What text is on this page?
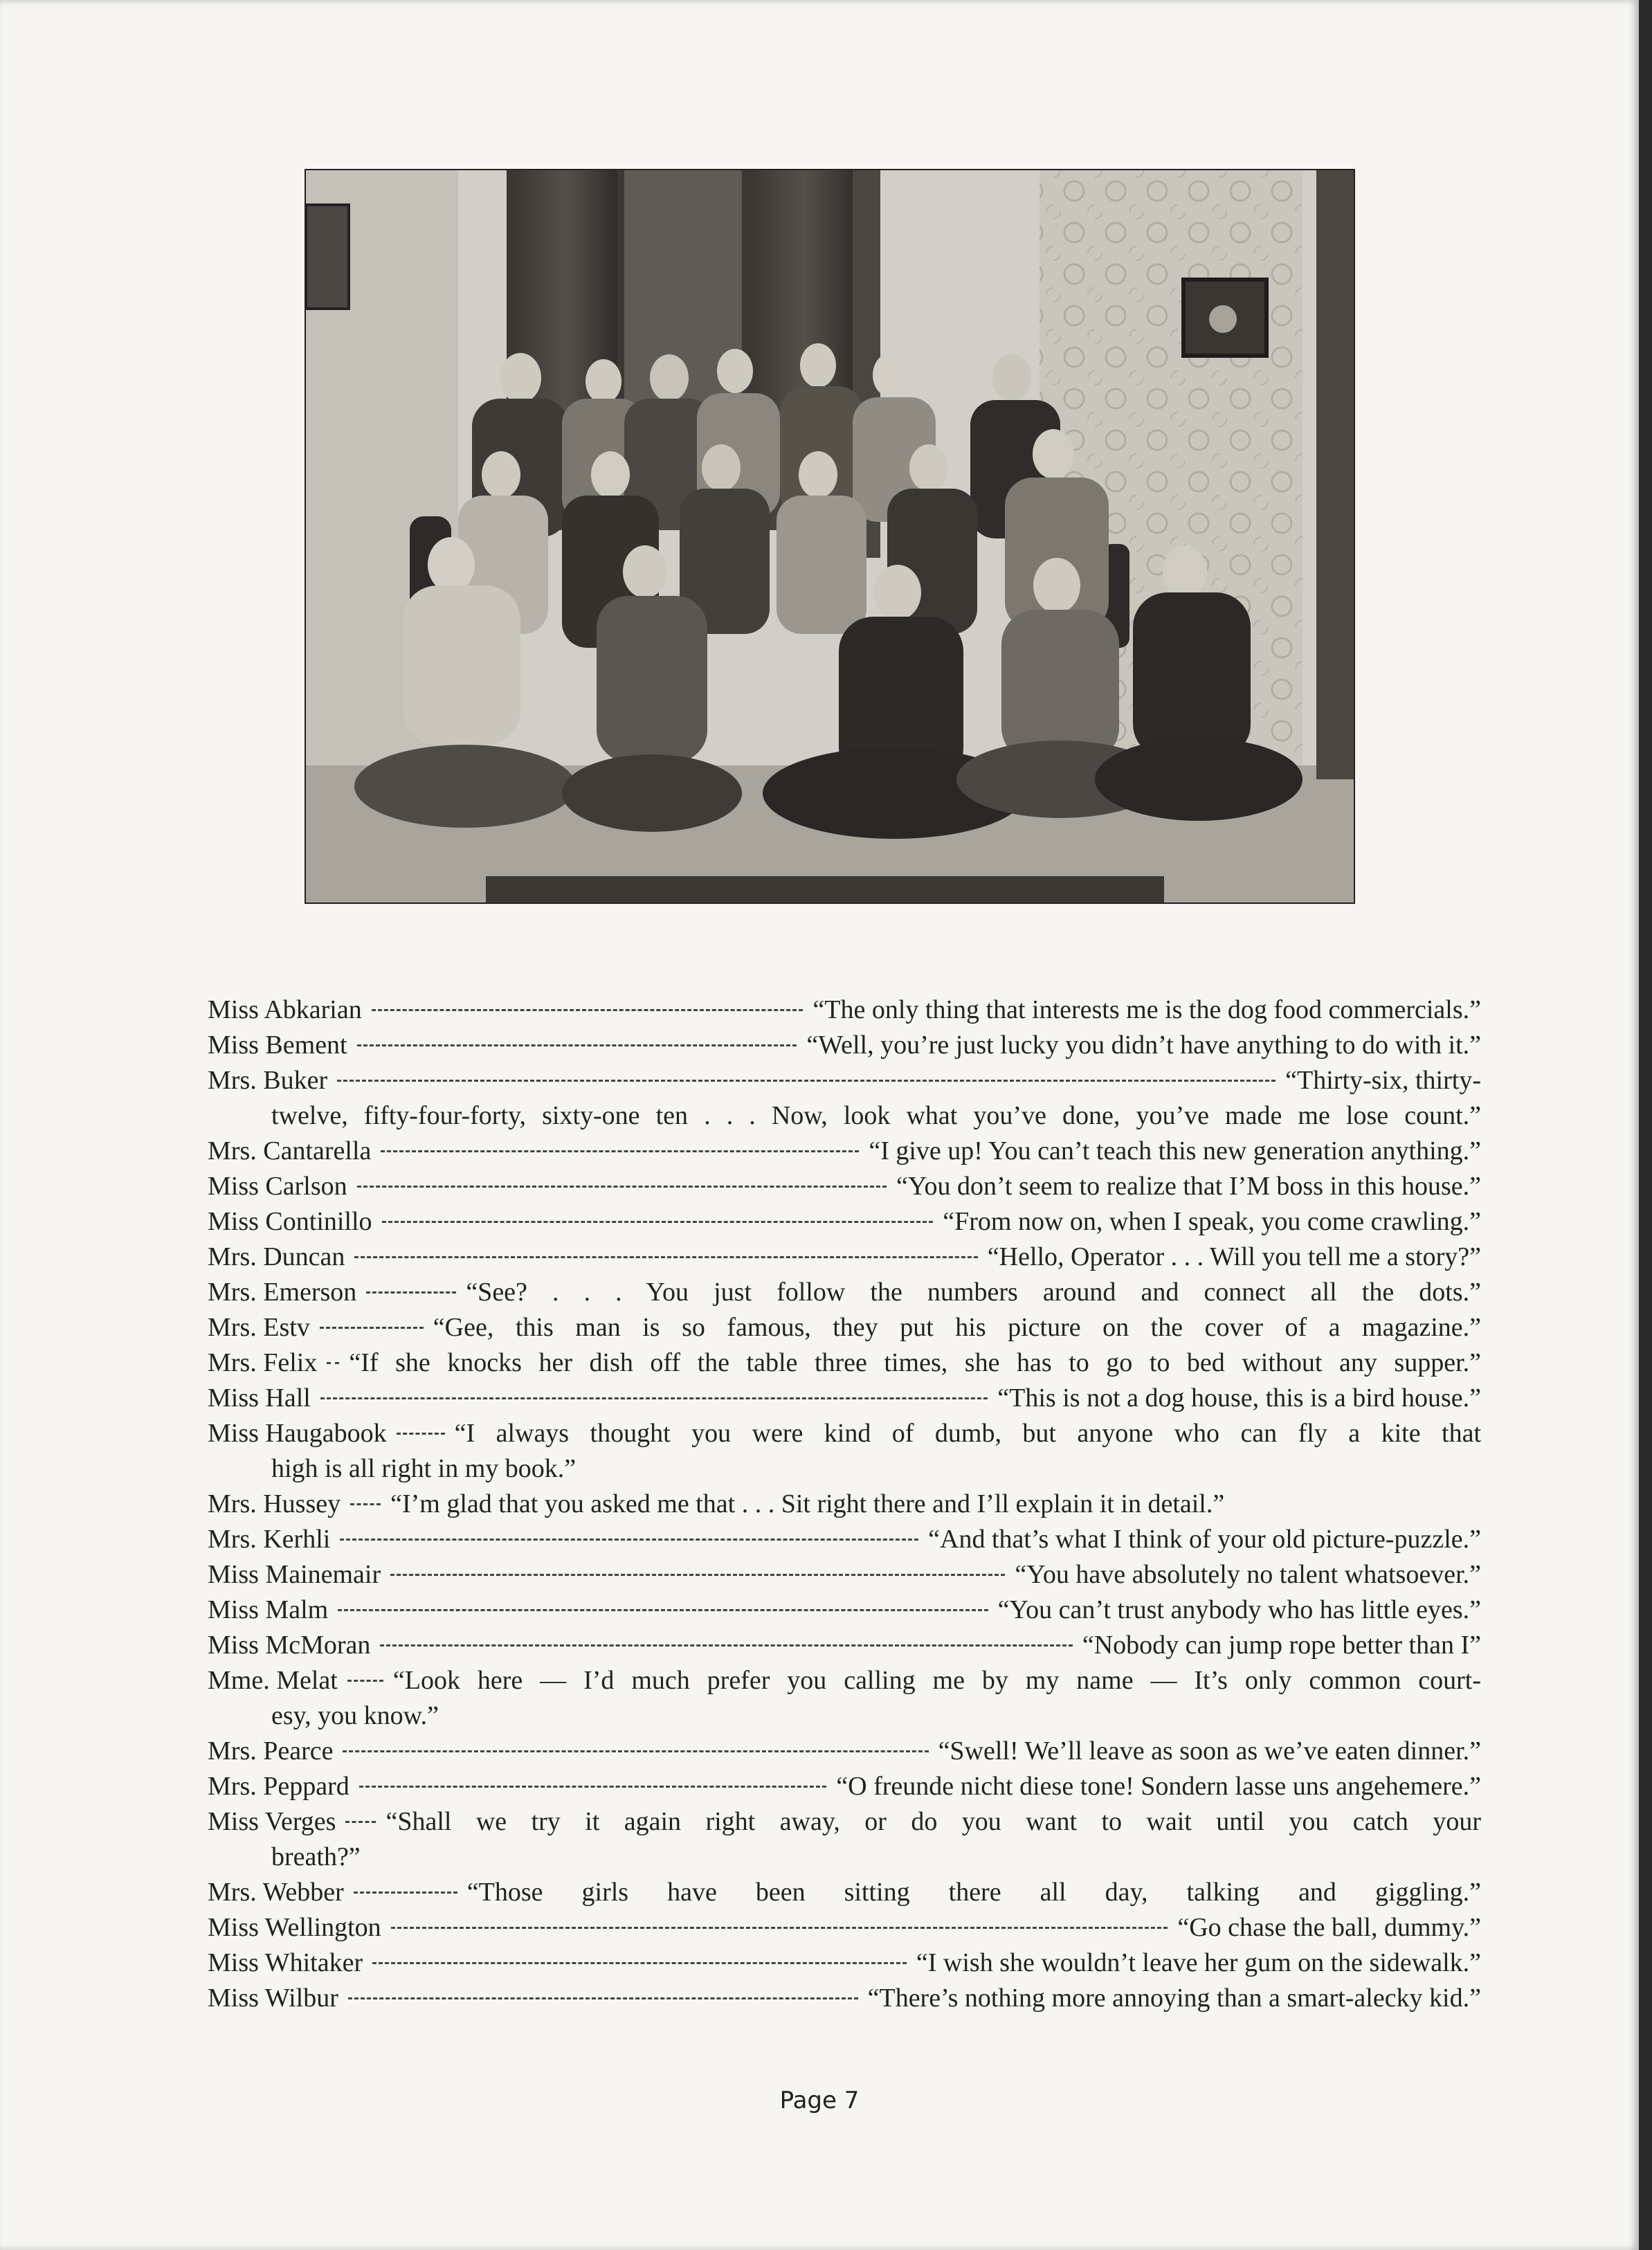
Miss Abkarian	“The only thing that interests me is the dog food commercials.”
Miss Bement	“Well, you’re just lucky you didn’t have anything to do with it.”
Mrs. Buker	“Thirty-six, thirty-
twelve, fifty-four-forty, sixty-one ten . . . Now, look what you’ve done, you’ve made me lose count.”
Mrs. Cantarella	“I give up! You can’t teach this new generation anything.”
Miss Carlson	“You don’t seem to realize that I’M boss in this house.”
Miss Continillo	“From now on, when I speak, you come crawling.”
Mrs. Duncan	“Hello, Operator . . . Will you tell me a story?”
Mrs. Emerson	“See? . . . You just follow the numbers around and connect all the dots.”
Mrs. Estv	“Gee, this man is so famous, they put his picture on the cover of a magazine.”
Mrs. Felix “If she knocks her dish off the table three times, she has to go to bed without any supper.”
Miss Hall	“This is not a dog house, this is a bird house.”
Miss Haugabook	“I always thought you were kind of dumb, but anyone who can fly a kite that
high is all right in my book.”
Mrs. Hussey “I’m glad that you asked me that . . . Sit right there and I’ll explain it in detail.”
Mrs. Kerhli	“And that’s what I think of your old picture-puzzle.”
Miss Mainemair	“You have absolutely no talent whatsoever.”
Miss Malm	“You can’t trust anybody who has little eyes.”
Miss McMoran	“Nobody can jump rope better than I”
Mme. Melat “Look here — I’d much prefer you calling me by my name — It’s only common court-
esy, you know.”
Mrs. Pearce	“Swell! We’ll leave as soon as we’ve eaten dinner.”
Mrs. Peppard	“O freunde nicht diese tone! Sondern lasse uns angehemere.”
Miss Verges “Shall we try it again right away, or do you want to wait until you catch your
breath?”
Mrs. Webber	“Those girls have been sitting there all day, talking and giggling.”
Miss Wellington	“Go chase the ball, dummy.”
Miss Whitaker	“I wish she wouldn’t leave her gum on the sidewalk.”
Miss Wilbur	“There’s nothing more annoying than a smart-alecky kid.”
Page 7
